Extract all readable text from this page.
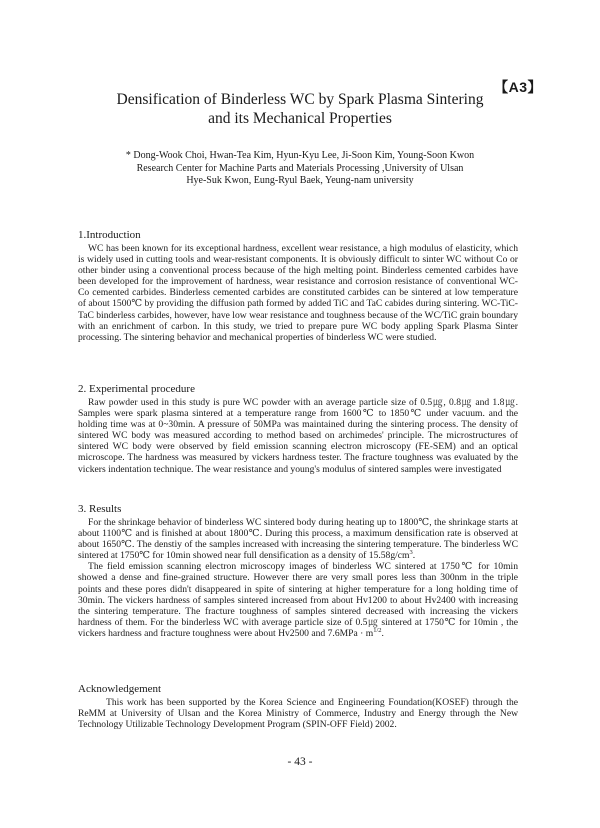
【A3】
Densification of Binderless WC by Spark Plasma Sintering
and its Mechanical Properties
* Dong-Wook Choi, Hwan-Tea Kim, Hyun-Kyu Lee, Ji-Soon Kim, Young-Soon Kwon
Research Center for Machine Parts and Materials Processing ,University of Ulsan
Hye-Suk Kwon, Eung-Ryul Baek, Yeung-nam university
1.Introduction

WC has been known for its exceptional hardness, excellent wear resistance, a high modulus of elasticity, which is widely used in cutting tools and wear-resistant components. It is obviously difficult to sinter WC without Co or other binder using a conventional process because of the high melting point. Binderless cemented carbides have been developed for the improvement of hardness, wear resistance and corrosion resistance of conventional WC-Co cemented carbides. Binderless cemented carbides are constituted carbides can be sintered at low temperature of about 1500℃ by providing the diffusion path formed by added TiC and TaC cabides during sintering. WC-TiC-TaC binderless carbides, however, have low wear resistance and toughness because of the WC/TiC grain boundary with an enrichment of carbon. In this study, we tried to prepare pure WC body appling Spark Plasma Sinter processing. The sintering behavior and mechanical properties of binderless WC were studied.

2. Experimental procedure

Raw powder used in this study is pure WC powder with an average particle size of 0.5㎍, 0.8㎍ and 1.8㎍. Samples were spark plasma sintered at a temperature range from 1600℃ to 1850℃ under vacuum. and the holding time was at 0~30min. A pressure of 50MPa was maintained during the sintering process. The density of sintered WC body was measured according to method based on archimedes' principle. The microstructures of sintered WC body were observed by field emission scanning electron microscopy (FE-SEM) and an optical microscope. The hardness was measured by vickers hardness tester. The fracture toughness was evaluated by the vickers indentation technique. The wear resistance and young's modulus of sintered samples were investigated

3. Results

For the shrinkage behavior of binderless WC sintered body during heating up to 1800℃, the shrinkage starts at about 1100℃ and is finished at about 1800℃. During this process, a maximum densification rate is observed at about 1650℃. The denstiy of the samples increased with increasing the sintering temperature. The binderless WC sintered at 1750℃ for 10min showed near full densification as a density of $15.58g/cm^3$.

The field emission scanning electron microscopy images of binderless WC sintered at 1750℃ for 10min showed a dense and fine-grained structure. However there are very small pores less than 300nm in the triple points and these pores didn't disappeared in spite of sintering at higher temperature for a long holding time of 30min. The vickers hardness of samples sintered increased from about Hv1200 to about Hv2400 with increasing the sintering temperature. The fracture toughness of samples sintered decreased with increasing the vickers hardness of them. For the binderless WC with average particle size of 0.5㎍ sintered at 1750℃ for 10min , the vickers hardness and fracture toughness were about Hv2500 and $7.6MPa \cdot m^{1/2}$.

Acknowledgement

This work has been supported by the Korea Science and Engineering Foundation(KOSEF) through the ReMM at University of Ulsan and the Korea Ministry of Commerce, Industry and Energy through the New Technology Utilizable Technology Development Program (SPIN-OFF Field) 2002.

- 43 -
